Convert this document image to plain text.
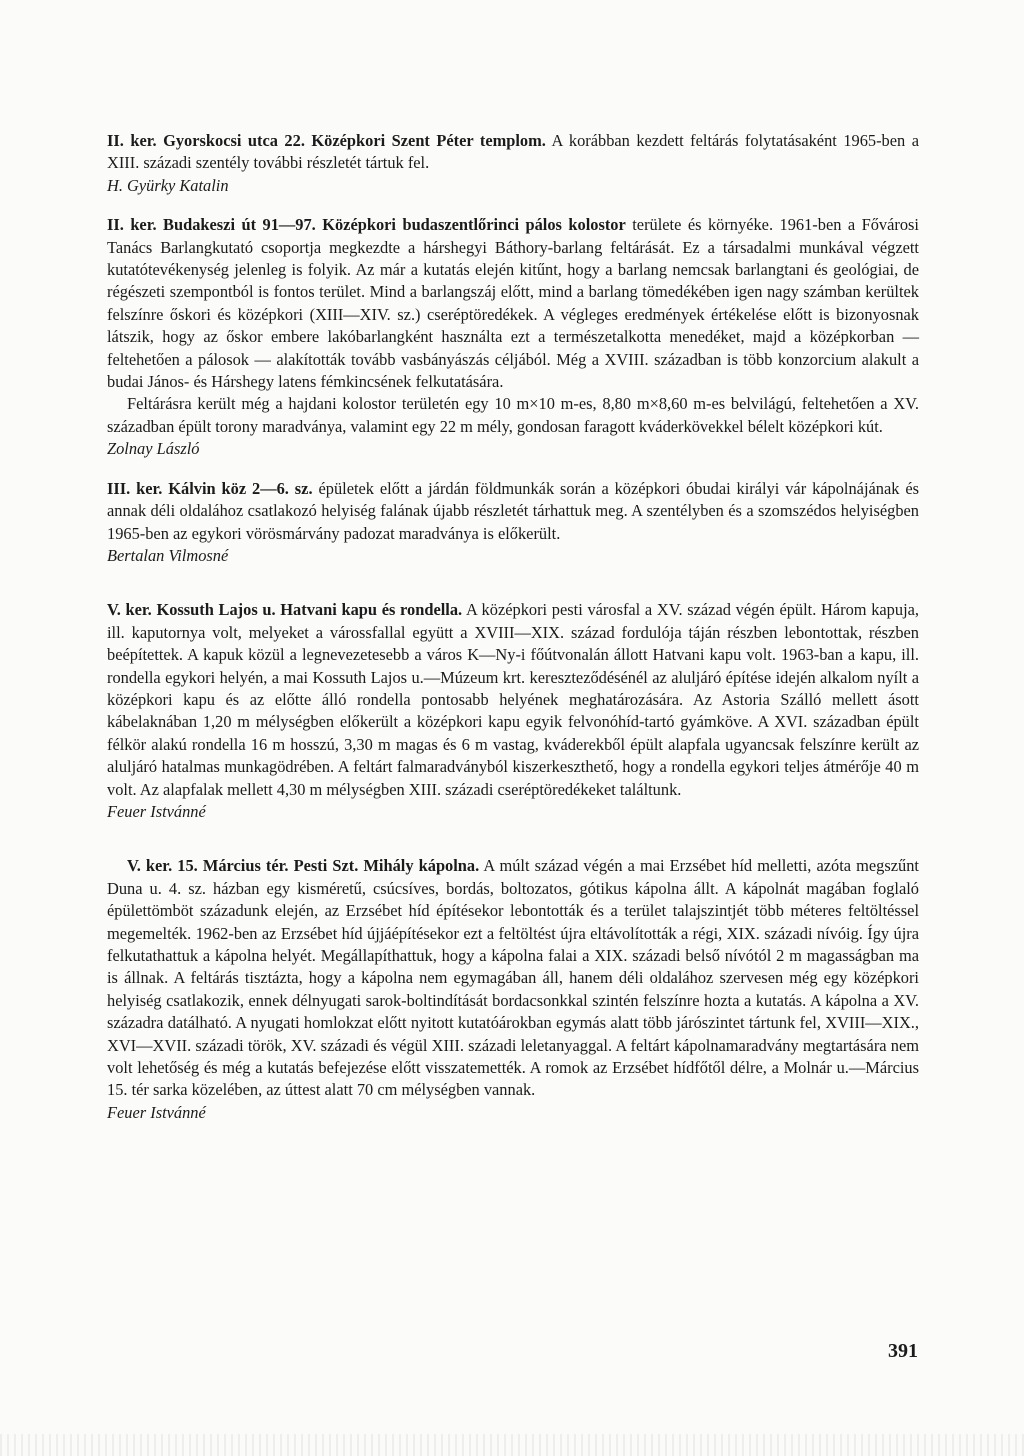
II. ker. Gyorskocsi utca 22. Középkori Szent Péter templom. A korábban kezdett feltárás folytatásaként 1965-ben a XIII. századi szentély további részletét tártuk fel.

H. Gyürky Katalin

II. ker. Budakeszi út 91—97. Középkori budaszentlőrinci pálos kolostor területe és környéke. 1961-ben a Fővárosi Tanács Barlangkutató csoportja megkezdte a hárshegyi Báthory-barlang feltárását. Ez a társadalmi munkával végzett kutatótevékenység jelenleg is folyik. Az már a kutatás elején kitűnt, hogy a barlang nemcsak barlangtani és geológiai, de régészeti szempontból is fontos terület. Mind a barlangszáj előtt, mind a barlang tömedékében igen nagy számban kerültek felszínre őskori és középkori (XIII—XIV. sz.) cseréptöredékek. A végleges eredmények értékelése előtt is bizonyosnak látszik, hogy az őskor embere lakóbarlangként használta ezt a természetalkotta menedéket, majd a középkorban — feltehetően a pálosok — alakították tovább vasbányászás céljából. Még a XVIII. században is több konzorcium alakult a budai János- és Hárshegy latens fémkincsének felkutatására.

Feltárásra került még a hajdani kolostor területén egy 10 m×10 m-es, 8,80 m×8,60 m-es belvilágú, feltehetően a XV. században épült torony maradványa, valamint egy 22 m mély, gondosan faragott kváderkövekkel bélelt középkori kút.

Zolnay László

III. ker. Kálvin köz 2—6. sz. épületek előtt a járdán földmunkák során a középkori óbudai királyi vár kápolnájának és annak déli oldalához csatlakozó helyiség falának újabb részletét tárhattuk meg. A szentélyben és a szomszédos helyiségben 1965-ben az egykori vörösmárvány padozat maradványa is előkerült.

Bertalan Vilmosné

V. ker. Kossuth Lajos u. Hatvani kapu és rondella. A középkori pesti városfal a XV. század végén épült. Három kapuja, ill. kaputornya volt, melyeket a várossfallal együtt a XVIII—XIX. század fordulója táján részben lebontottak, részben beépítettek. A kapuk közül a legnevezetesebb a város K—Ny-i főútvonalán állott Hatvani kapu volt. 1963-ban a kapu, ill. rondella egykori helyén, a mai Kossuth Lajos u.—Múzeum krt. kereszteződésénél az aluljáró építése idején alkalom nyílt a középkori kapu és az előtte álló rondella pontosabb helyének meghatározására. Az Astoria Szálló mellett ásott kábelaknában 1,20 m mélységben előkerült a középkori kapu egyik felvonóhíd-tartó gyámköve. A XVI. században épült félkör alakú rondella 16 m hosszú, 3,30 m magas és 6 m vastag, kváderekből épült alapfala ugyancsak felszínre került az aluljáró hatalmas munkagödrében. A feltárt falmaradványból kiszerkeszthető, hogy a rondella egykori teljes átmérője 40 m volt. Az alapfalak mellett 4,30 m mélységben XIII. századi cseréptöredékeket találtunk.

Feuer Istvánné

V. ker. 15. Március tér. Pesti Szt. Mihály kápolna. A múlt század végén a mai Erzsébet híd melletti, azóta megszűnt Duna u. 4. sz. házban egy kisméretű, csúcsíves, bordás, boltozatos, gótikus kápolna állt. A kápolnát magában foglaló épülettömböt századunk elején, az Erzsébet híd építésekor lebontották és a terület talajszintjét több méteres feltöltéssel megemelték. 1962-ben az Erzsébet híd újjáépítésekor ezt a feltöltést újra eltávolították a régi, XIX. századi nívóig. Így újra felkutathattuk a kápolna helyét. Megállapíthattuk, hogy a kápolna falai a XIX. századi belső nívótól 2 m magasságban ma is állnak. A feltárás tisztázta, hogy a kápolna nem egymagában áll, hanem déli oldalához szervesen még egy középkori helyiség csatlakozik, ennek délnyugati sarok-boltindítását bordacsonkkal szintén felszínre hozta a kutatás. A kápolna a XV. századra datálható. A nyugati homlokzat előtt nyitott kutatóárokban egymás alatt több járószintet tártunk fel, XVIII—XIX., XVI—XVII. századi török, XV. századi és végül XIII. századi leletanyaggal. A feltárt kápolnamaradvány megtartására nem volt lehetőség és még a kutatás befejezése előtt visszatemették. A romok az Erzsébet hídfőtől délre, a Molnár u.—Március 15. tér sarka közelében, az úttest alatt 70 cm mélységben vannak.

Feuer Istvánné

391
